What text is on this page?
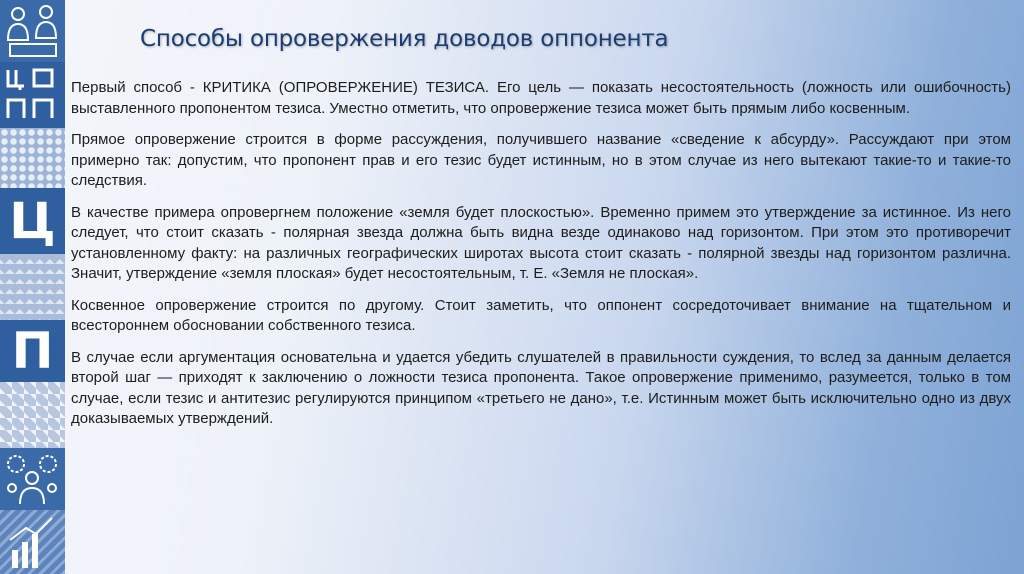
Ц
П
Способы опровержения доводов оппонента

Первый способ - КРИТИКА (ОПРОВЕРЖЕНИЕ) ТЕЗИСА. Его цель — показать несостоятельность (ложность или ошибочность) выставленного пропонентом тезиса. Уместно отметить, что опровержение тезиса может быть прямым либо косвенным.

Прямое опровержение строится в форме рассуждения, получившего название «сведение к абсурду». Рассуждают при этом примерно так: допустим, что пропонент прав и его тезис будет истинным, но в этом случае из него вытекают такие-то и такие-то следствия.

В качестве примера опровергнем положение «земля будет плоскостью». Временно примем это утверждение за истинное. Из него следует, что стоит сказать - полярная звезда должна быть видна везде одинаково над горизонтом. При этом это противоречит установленному факту: на различных географических широтах высота стоит сказать - полярной звезды над горизонтом различна. Значит, утверждение «земля плоская» будет несостоятельным, т. Е. «Земля не плоская».

Косвенное опровержение строится по другому. Стоит заметить, что оппонент сосредоточивает внимание на тщательном и всестороннем обосновании собственного тезиса.

В случае если аргументация основательна и удается убедить слушателей в правильности суждения, то вслед за данным делается второй шаг — приходят к заключению о ложности тезиса пропонента. Такое опровержение применимо, разумеется, только в том случае, если тезис и антитезис регулируются принципом «третьего не дано», т.е. Истинным может быть исключительно одно из двух доказываемых утверждений.
